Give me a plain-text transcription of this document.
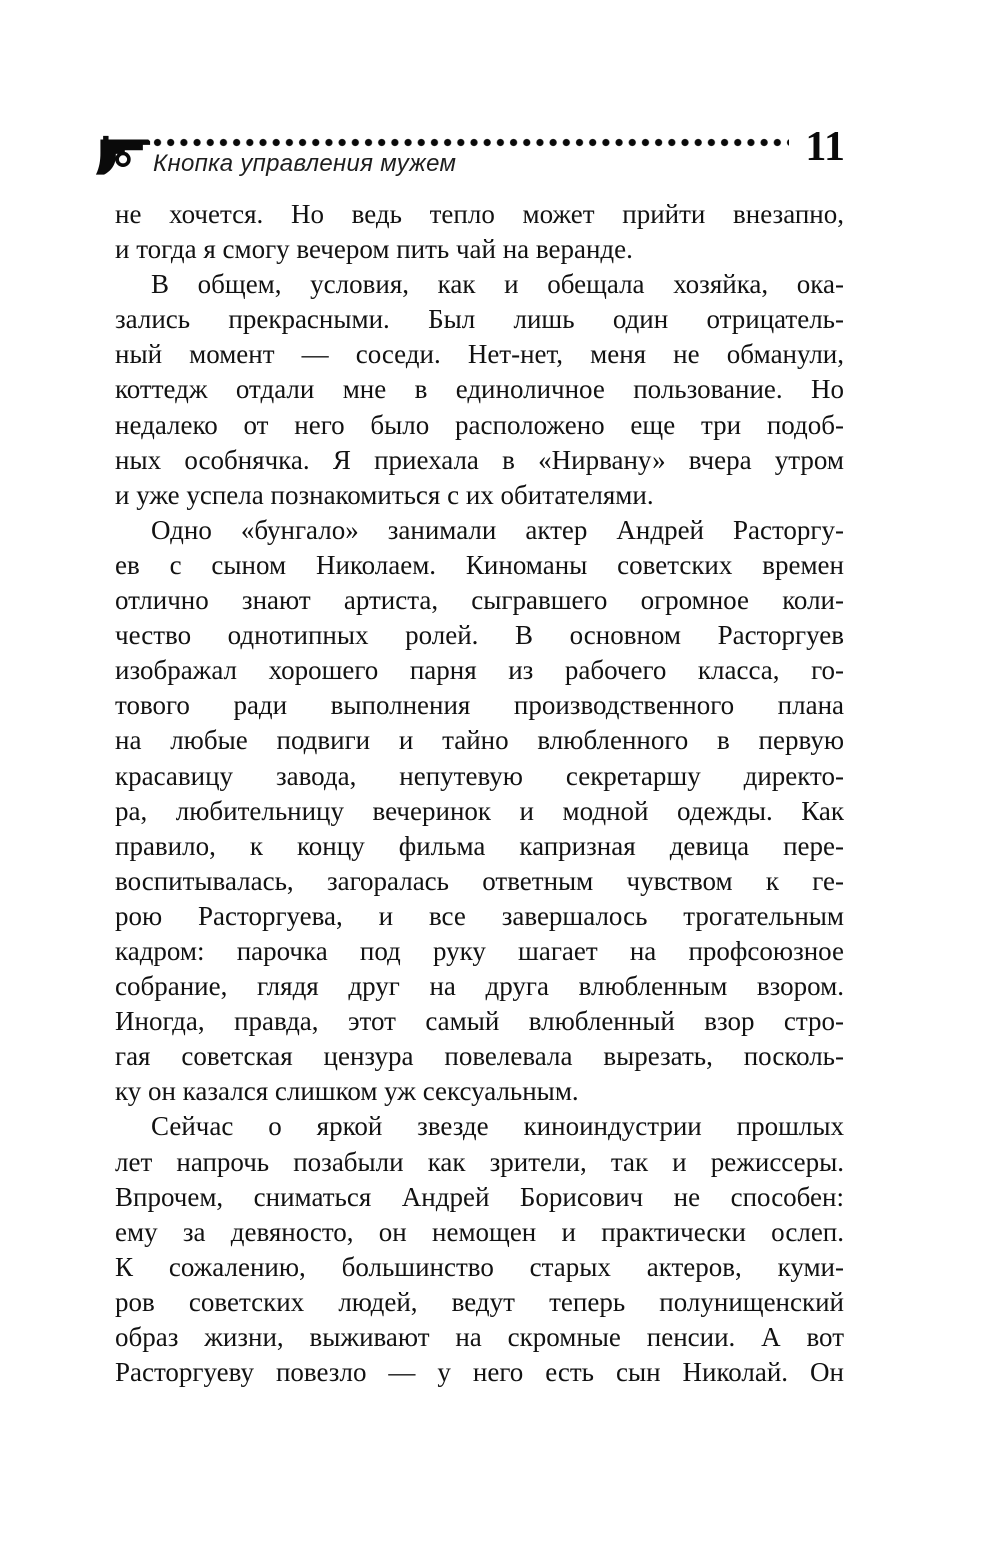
Кнопка управления мужем	11
не хочется. Но ведь тепло может прийти внезапно,
и тогда я смогу вечером пить чай на веранде.
В общем, условия, как и обещала хозяйка, ока-
зались прекрасными. Был лишь один отрицатель-
ный момент — соседи. Нет-нет, меня не обманули,
коттедж отдали мне в единоличное пользование. Но
недалеко от него было расположено еще три подоб-
ных особнячка. Я приехала в «Нирвану» вчера утром
и уже успела познакомиться с их обитателями.
Одно «бунгало» занимали актер Андрей Расторгу-
ев с сыном Николаем. Киноманы советских времен
отлично знают артиста, сыгравшего огромное коли-
чество однотипных ролей. В основном Расторгуев
изображал хорошего парня из рабочего класса, го-
тового ради выполнения производственного плана
на любые подвиги и тайно влюбленного в первую
красавицу завода, непутевую секретаршу директо-
ра, любительницу вечеринок и модной одежды. Как
правило, к концу фильма капризная девица пере-
воспитывалась, загоралась ответным чувством к ге-
рою Расторгуева, и все завершалось трогательным
кадром: парочка под руку шагает на профсоюзное
собрание, глядя друг на друга влюбленным взором.
Иногда, правда, этот самый влюбленный взор стро-
гая советская цензура повелевала вырезать, посколь-
ку он казался слишком уж сексуальным.
Сейчас о яркой звезде киноиндустрии прошлых
лет напрочь позабыли как зрители, так и режиссеры.
Впрочем, сниматься Андрей Борисович не способен:
ему за девяносто, он немощен и практически ослеп.
К сожалению, большинство старых актеров, куми-
ров советских людей, ведут теперь полунищенский
образ жизни, выживают на скромные пенсии. А вот
Расторгуеву повезло — у него есть сын Николай. Он
